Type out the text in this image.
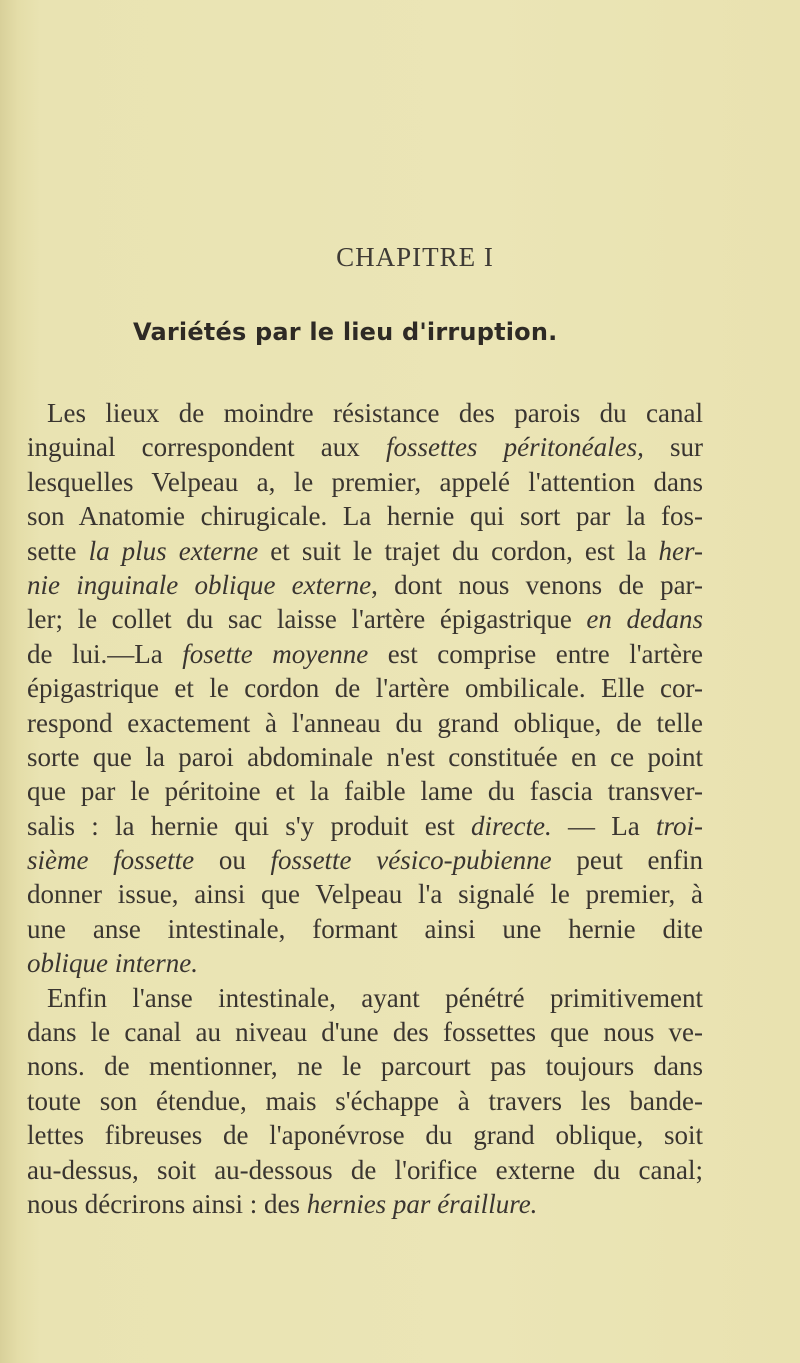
CHAPITRE I
Variétés par le lieu d'irruption.
Les lieux de moindre résistance des parois du canal
inguinal correspondent aux fossettes péritonéales, sur
lesquelles Velpeau a, le premier, appelé l'attention dans
son Anatomie chirugicale. La hernie qui sort par la fos-
sette la plus externe et suit le trajet du cordon, est la her-
nie inguinale oblique externe, dont nous venons de par-
ler; le collet du sac laisse l'artère épigastrique en dedans
de lui.—La fosette moyenne est comprise entre l'artère
épigastrique et le cordon de l'artère ombilicale. Elle cor-
respond exactement à l'anneau du grand oblique, de telle
sorte que la paroi abdominale n'est constituée en ce point
que par le péritoine et la faible lame du fascia transver-
salis : la hernie qui s'y produit est directe. — La troi-
sième fossette ou fossette vésico-pubienne peut enfin
donner issue, ainsi que Velpeau l'a signalé le premier, à
une anse intestinale, formant ainsi une hernie dite
oblique interne.
Enfin l'anse intestinale, ayant pénétré primitivement
dans le canal au niveau d'une des fossettes que nous ve-
nons. de mentionner, ne le parcourt pas toujours dans
toute son étendue, mais s'échappe à travers les bande-
lettes fibreuses de l'aponévrose du grand oblique, soit
au-dessus, soit au-dessous de l'orifice externe du canal;
nous décrirons ainsi : des hernies par éraillure.
